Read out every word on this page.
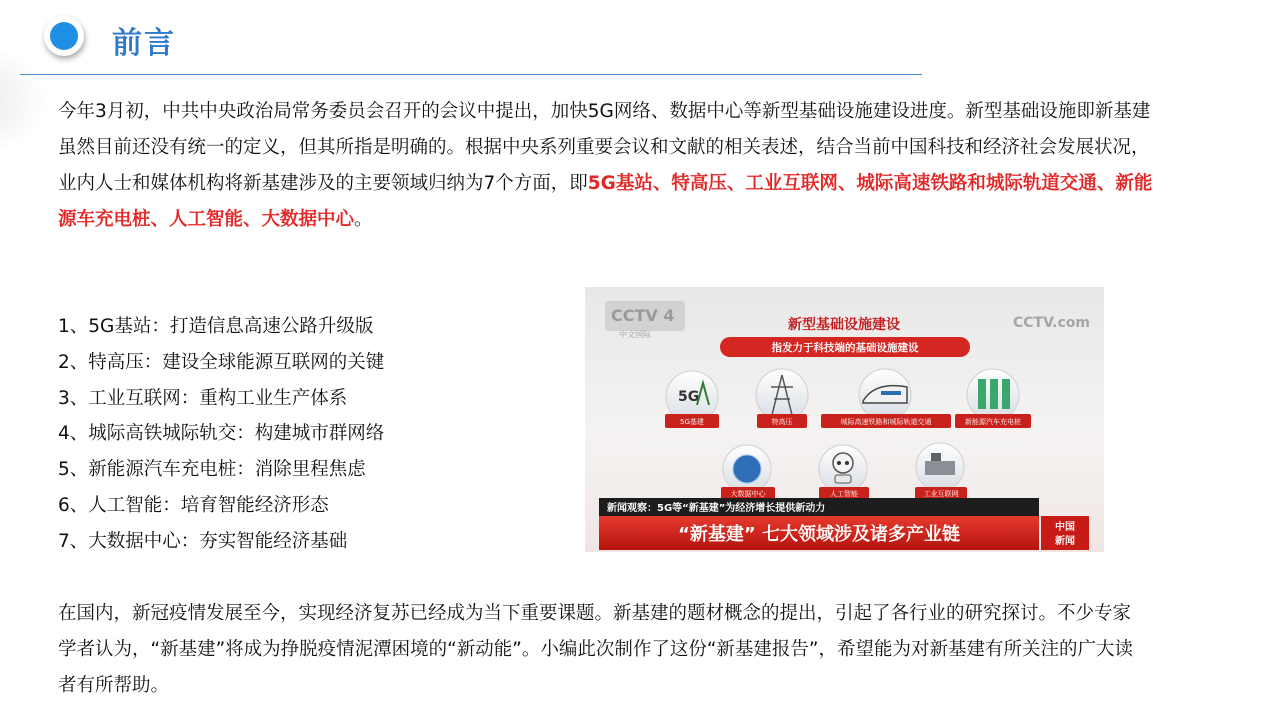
前言
今年3月初，中共中央政治局常务委员会召开的会议中提出，加快5G网络、数据中心等新型基础设施建设进度。新型基础设施即新基建虽然目前还没有统一的定义，但其所指是明确的。根据中央系列重要会议和文献的相关表述，结合当前中国科技和经济社会发展状况，业内人士和媒体机构将新基建涉及的主要领域归纳为7个方面，即5G基站、特高压、工业互联网、城际高速铁路和城际轨道交通、新能源车充电桩、人工智能、大数据中心。
1、5G基站：打造信息高速公路升级版
2、特高压：建设全球能源互联网的关键
3、工业互联网：重构工业生产体系
4、城际高铁城际轨交：构建城市群网络
5、新能源汽车充电桩：消除里程焦虑
6、人工智能：培育智能经济形态
7、大数据中心：夯实智能经济基础
CCTV 4
中文国际
CCTV.com
新型基础设施建设
指发力于科技端的基础设施建设
5G
5G基建	特高压	城际高速铁路和城际轨道交通	新能源汽车充电桩
大数据中心	人工智能	工业互联网
新闻观察：5G等“新基建”为经济增长提供新动力
“新基建” 七大领域涉及诸多产业链	中国
新闻
在国内，新冠疫情发展至今，实现经济复苏已经成为当下重要课题。新基建的题材概念的提出，引起了各行业的研究探讨。不少专家学者认为，“新基建”将成为挣脱疫情泥潭困境的“新动能”。小编此次制作了这份“新基建报告”，希望能为对新基建有所关注的广大读者有所帮助。
